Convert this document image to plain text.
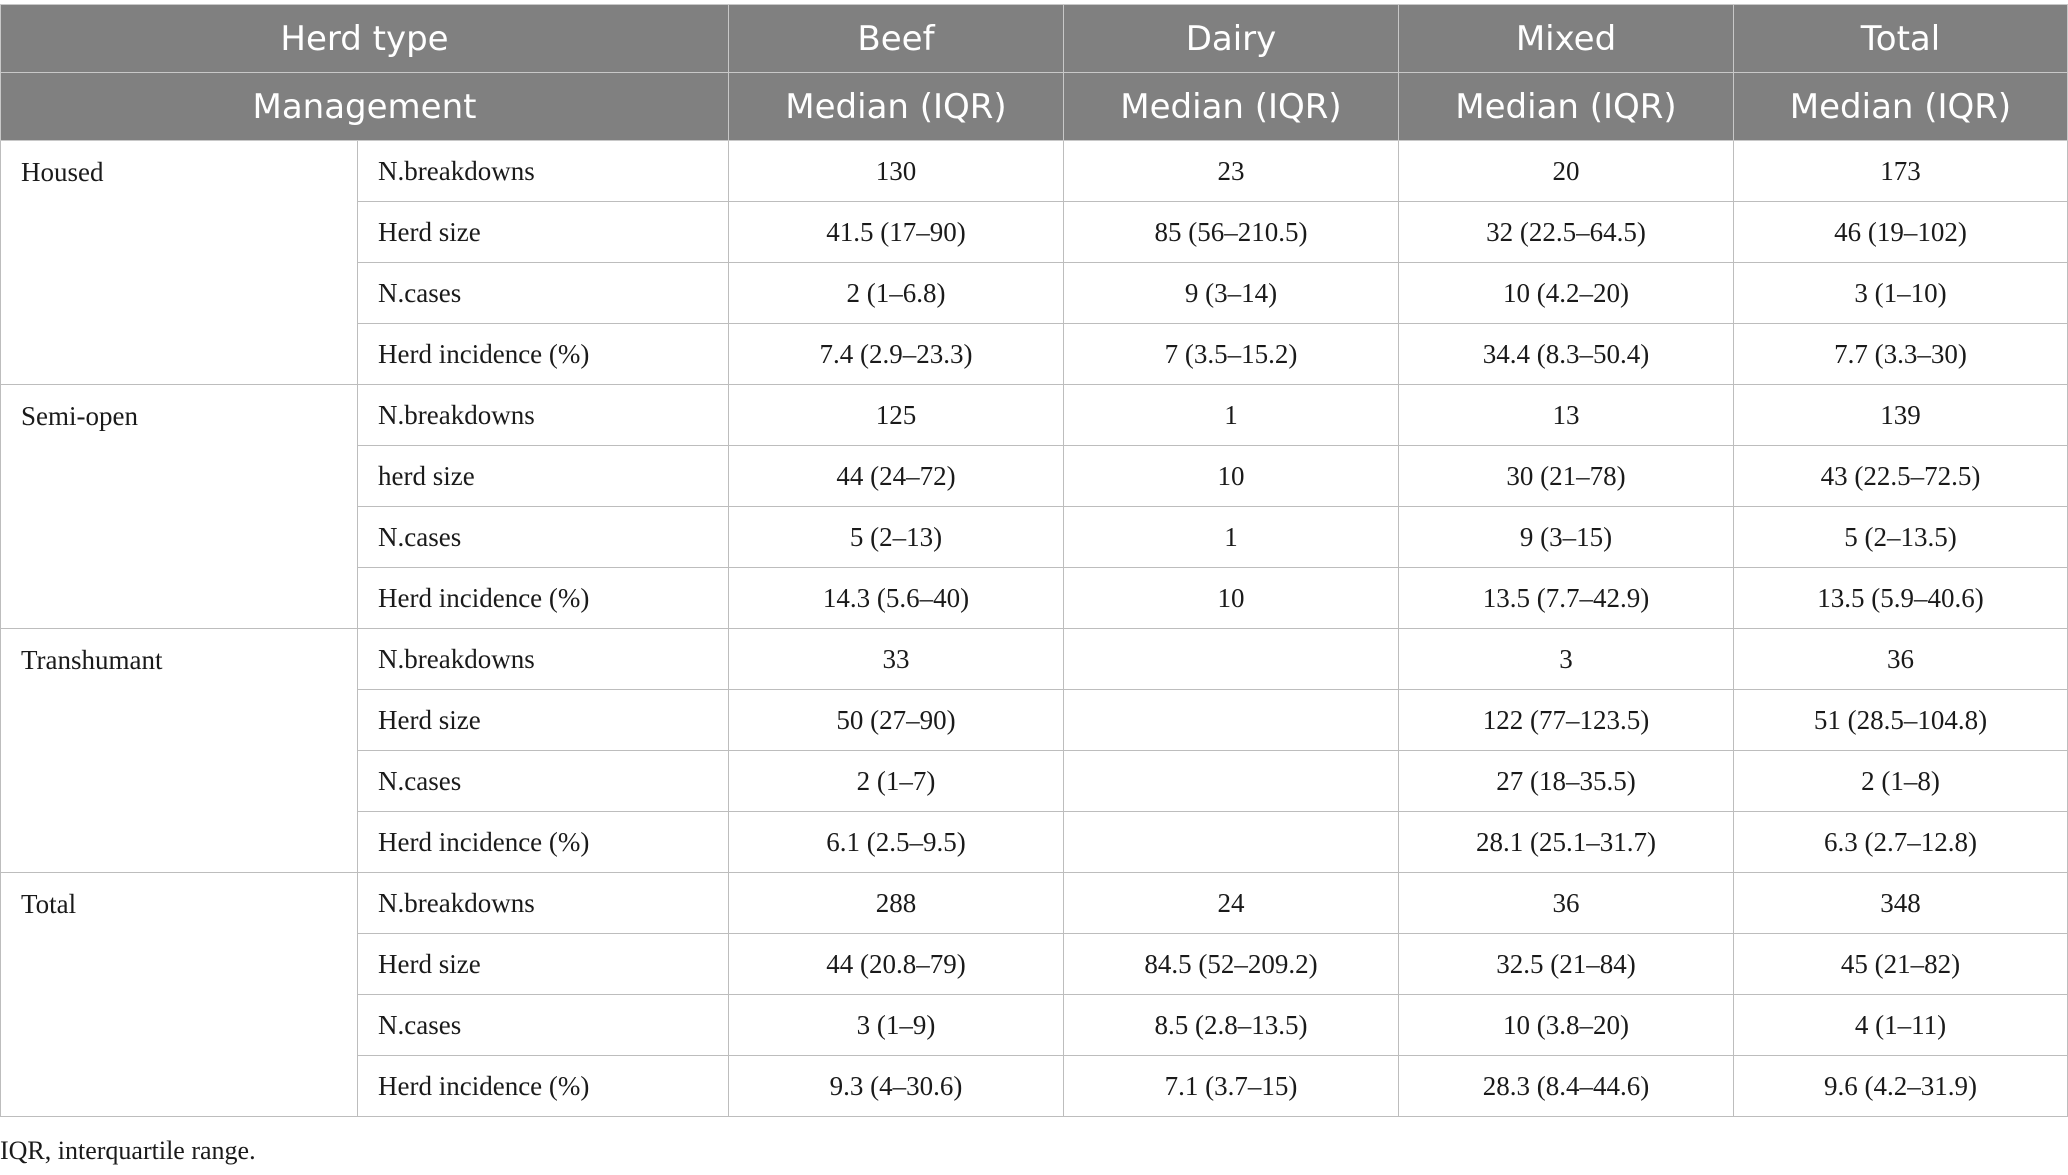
Herd type		Beef	Dairy	Mixed	Total
Management		Median (IQR)	Median (IQR)	Median (IQR)	Median (IQR)
Housed	N.breakdowns	130	23	20	173
	Herd size	41.5 (17–90)	85 (56–210.5)	32 (22.5–64.5)	46 (19–102)
	N.cases	2 (1–6.8)	9 (3–14)	10 (4.2–20)	3 (1–10)
	Herd incidence (%)	7.4 (2.9–23.3)	7 (3.5–15.2)	34.4 (8.3–50.4)	7.7 (3.3–30)
Semi-open	N.breakdowns	125	1	13	139
	herd size	44 (24–72)	10	30 (21–78)	43 (22.5–72.5)
	N.cases	5 (2–13)	1	9 (3–15)	5 (2–13.5)
	Herd incidence (%)	14.3 (5.6–40)	10	13.5 (7.7–42.9)	13.5 (5.9–40.6)
Transhumant	N.breakdowns	33		3	36
	Herd size	50 (27–90)		122 (77–123.5)	51 (28.5–104.8)
	N.cases	2 (1–7)		27 (18–35.5)	2 (1–8)
	Herd incidence (%)	6.1 (2.5–9.5)		28.1 (25.1–31.7)	6.3 (2.7–12.8)
Total	N.breakdowns	288	24	36	348
	Herd size	44 (20.8–79)	84.5 (52–209.2)	32.5 (21–84)	45 (21–82)
	N.cases	3 (1–9)	8.5 (2.8–13.5)	10 (3.8–20)	4 (1–11)
	Herd incidence (%)	9.3 (4–30.6)	7.1 (3.7–15)	28.3 (8.4–44.6)	9.6 (4.2–31.9)
IQR, interquartile range.
